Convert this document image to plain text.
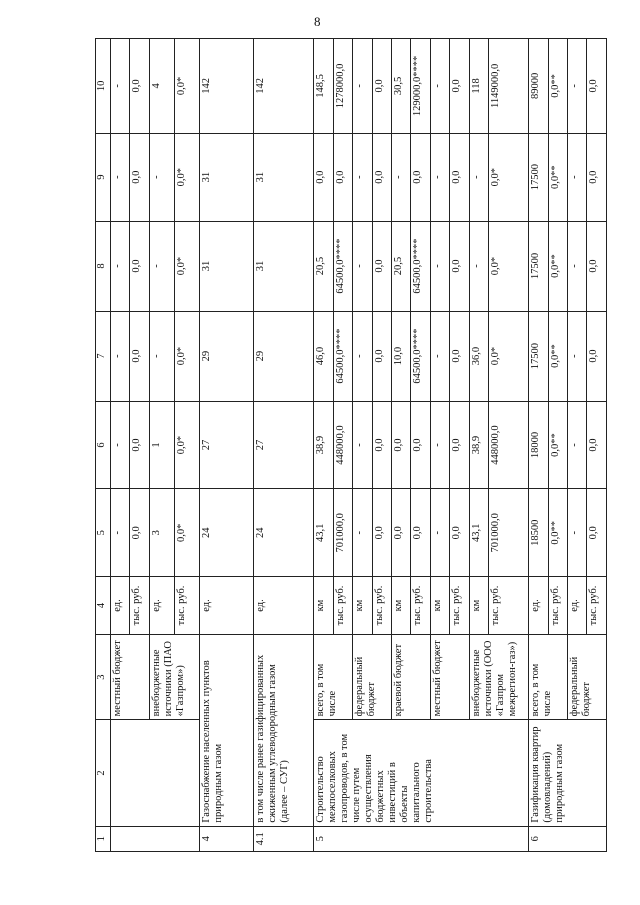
8
1	2	3	4	5	6	7	8	9	10
		местный бюджет	ед.	-	-	-	-	-	-
			тыс. руб.	0,0	0,0	0,0	0,0	0,0	0,0
		внебюджетные источники (ПАО «Газпром»)	ед.	3	1	-	-	-	4
			тыс. руб.	0,0*	0,0*	0,0*	0,0*	0,0*	0,0*
4	Газоснабжение населенных пунктов природным газом		ед.	24	27	29	31	31	142
4.1	в том числе ранее газифицированных сжиженным углеводородным газом (далее – СУГ)		ед.	24	27	29	31	31	142
5	Строительство межпоселковых газопроводов, в том числе путем осуществления бюджетных инвестиций в объекты капитального строительства	всего, в том числе	км	43,1	38,9	46,0	20,5	0,0	148,5
			тыс. руб.	701000,0	448000,0	64500,0****	64500,0****	0,0	1278000,0
		федеральный бюджет	км	-	-	-	-	-	-
			тыс. руб.	0,0	0,0	0,0	0,0	0,0	0,0
		краевой бюджет	км	0,0	0,0	10,0	20,5	-	30,5
			тыс. руб.	0,0	0,0	64500,0****	64500,0****	0,0	129000,0****
		местный бюджет	км	-	-	-	-	-	-
			тыс. руб.	0,0	0,0	0,0	0,0	0,0	0,0
		внебюджетные источники (ООО «Газпром межрегион-газ»)	км	43,1	38,9	36,0	-	-	118
			тыс. руб.	701000,0	448000,0	0,0*	0,0*	0,0*	1149000,0
6	Газификация квартир (домовладений) природным газом	всего, в том числе	ед.	18500	18000	17500	17500	17500	89000
			тыс. руб.	0,0**	0,0**	0,0**	0,0**	0,0**	0,0**
		федеральный бюджет	ед.	-	-	-	-	-	-
			тыс. руб.	0,0	0,0	0,0	0,0	0,0	0,0
